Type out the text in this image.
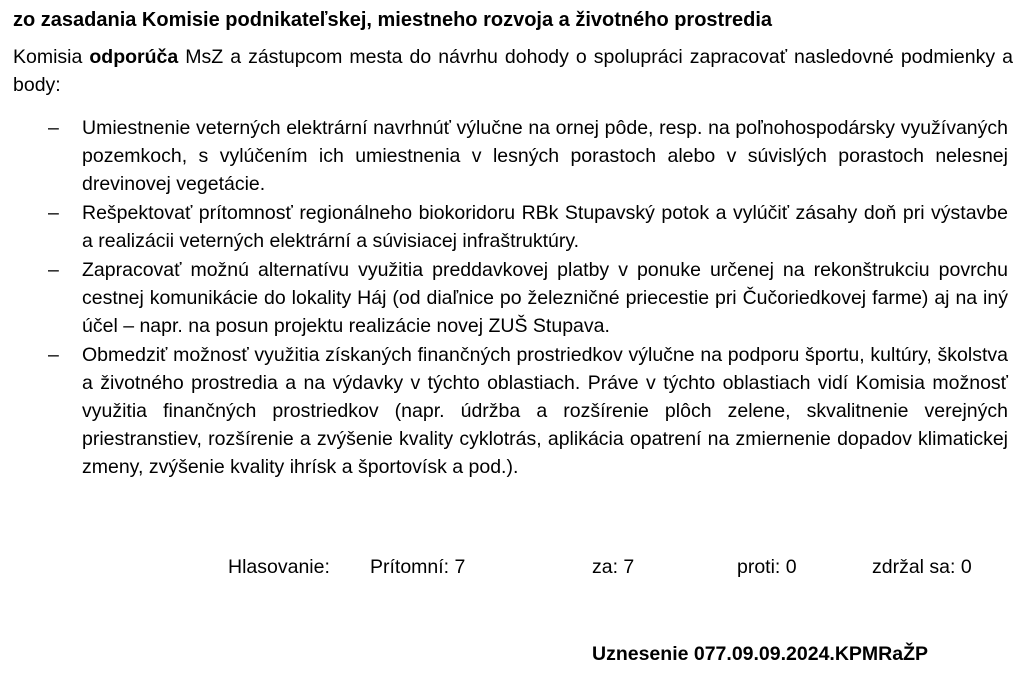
zo zasadania Komisie podnikateľskej, miestneho rozvoja a životného prostredia
Komisia odporúča MsZ a zástupcom mesta do návrhu dohody o spolupráci zapracovať nasledovné podmienky a body:
– Umiestnenie veterných elektrární navrhnúť výlučne na ornej pôde, resp. na poľnohospodársky využívaných pozemkoch, s vylúčením ich umiestnenia v lesných porastoch alebo v súvislých porastoch nelesnej drevinovej vegetácie.
– Rešpektovať prítomnosť regionálneho biokoridoru RBk Stupavský potok a vylúčiť zásahy doň pri výstavbe a realizácii veterných elektrární a súvisiacej infraštruktúry.
– Zapracovať možnú alternatívu využitia preddavkovej platby v ponuke určenej na rekonštrukciu povrchu cestnej komunikácie do lokality Háj (od diaľnice po železničné priecestie pri Čučoriedkovej farme) aj na iný účel – napr. na posun projektu realizácie novej ZUŠ Stupava.
– Obmedziť možnosť využitia získaných finančných prostriedkov výlučne na podporu športu, kultúry, školstva a životného prostredia a na výdavky v týchto oblastiach. Práve v týchto oblastiach vidí Komisia možnosť využitia finančných prostriedkov (napr. údržba a rozšírenie plôch zelene, skvalitnenie verejných priestranstiev, rozšírenie a zvýšenie kvality cyklotrás, aplikácia opatrení na zmiernenie dopadov klimatickej zmeny, zvýšenie kvality ihrísk a športovísk a pod.).
Hlasovanie: Prítomní: 7	za: 7	proti: 0	zdržal sa: 0
Uznesenie 077.09.09.2024.KPMRaŽP
